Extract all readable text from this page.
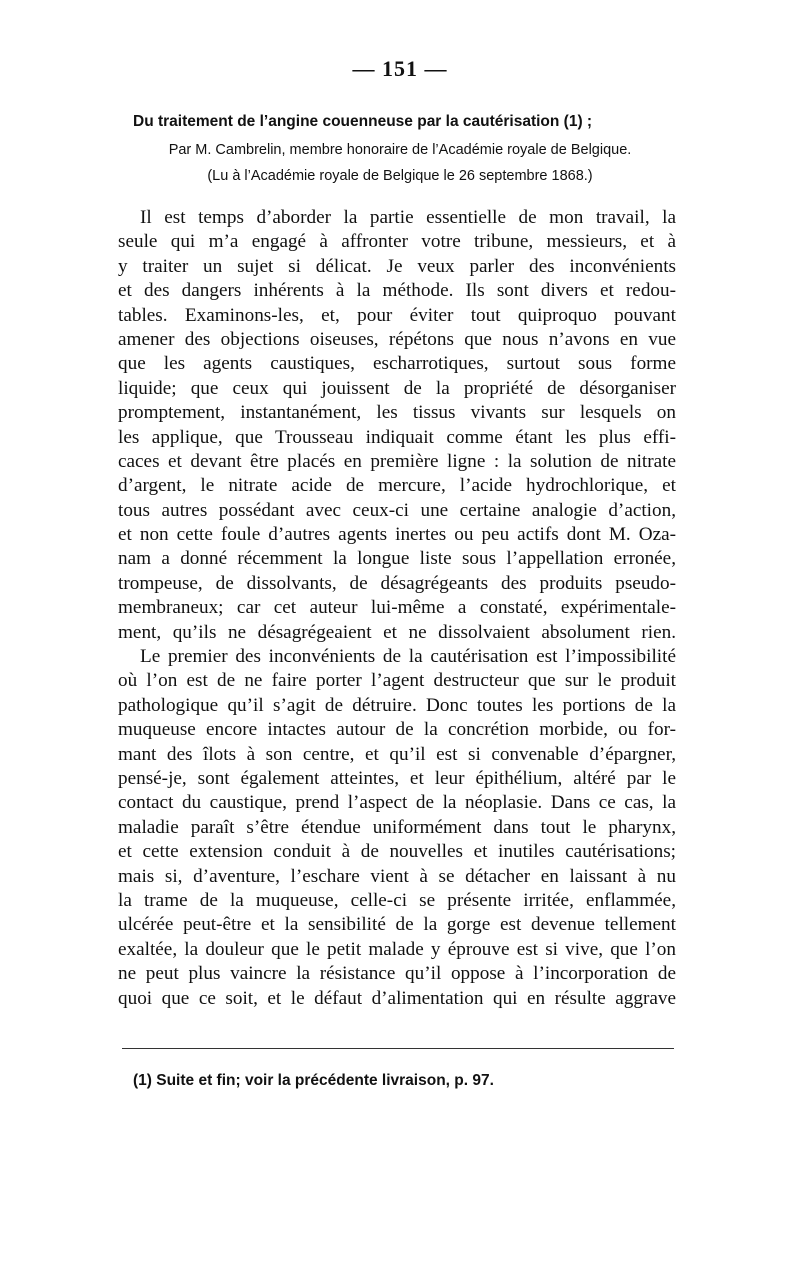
— 151 —
Du traitement de l’angine couenneuse par la cautérisation (1) ;
Par M. Cambrelin, membre honoraire de l’Académie royale de Belgique.
(Lu à l’Académie royale de Belgique le 26 septembre 1868.)
Il est temps d’aborder la partie essentielle de mon travail, la
seule qui m’a engagé à affronter votre tribune, messieurs, et à
y traiter un sujet si délicat. Je veux parler des inconvénients
et des dangers inhérents à la méthode. Ils sont divers et redou-
tables. Examinons-les, et, pour éviter tout quiproquo pouvant
amener des objections oiseuses, répétons que nous n’avons en vue
que les agents caustiques, escharrotiques, surtout sous forme
liquide; que ceux qui jouissent de la propriété de désorganiser
promptement, instantanément, les tissus vivants sur lesquels on
les applique, que Trousseau indiquait comme étant les plus effi-
caces et devant être placés en première ligne : la solution de nitrate
d’argent, le nitrate acide de mercure, l’acide hydrochlorique, et
tous autres possédant avec ceux-ci une certaine analogie d’action,
et non cette foule d’autres agents inertes ou peu actifs dont M. Oza-
nam a donné récemment la longue liste sous l’appellation erronée,
trompeuse, de dissolvants, de désagrégeants des produits pseudo-
membraneux; car cet auteur lui-même a constaté, expérimentale-
ment, qu’ils ne désagrégeaient et ne dissolvaient absolument rien.
Le premier des inconvénients de la cautérisation est l’impossibilité
où l’on est de ne faire porter l’agent destructeur que sur le produit
pathologique qu’il s’agit de détruire. Donc toutes les portions de la
muqueuse encore intactes autour de la concrétion morbide, ou for-
mant des îlots à son centre, et qu’il est si convenable d’épargner,
pensé-je, sont également atteintes, et leur épithélium, altéré par le
contact du caustique, prend l’aspect de la néoplasie. Dans ce cas, la
maladie paraît s’être étendue uniformément dans tout le pharynx,
et cette extension conduit à de nouvelles et inutiles cautérisations;
mais si, d’aventure, l’eschare vient à se détacher en laissant à nu
la trame de la muqueuse, celle-ci se présente irritée, enflammée,
ulcérée peut-être et la sensibilité de la gorge est devenue tellement
exaltée, la douleur que le petit malade y éprouve est si vive, que l’on
ne peut plus vaincre la résistance qu’il oppose à l’incorporation de
quoi que ce soit, et le défaut d’alimentation qui en résulte aggrave
(1) Suite et fin; voir la précédente livraison, p. 97.
